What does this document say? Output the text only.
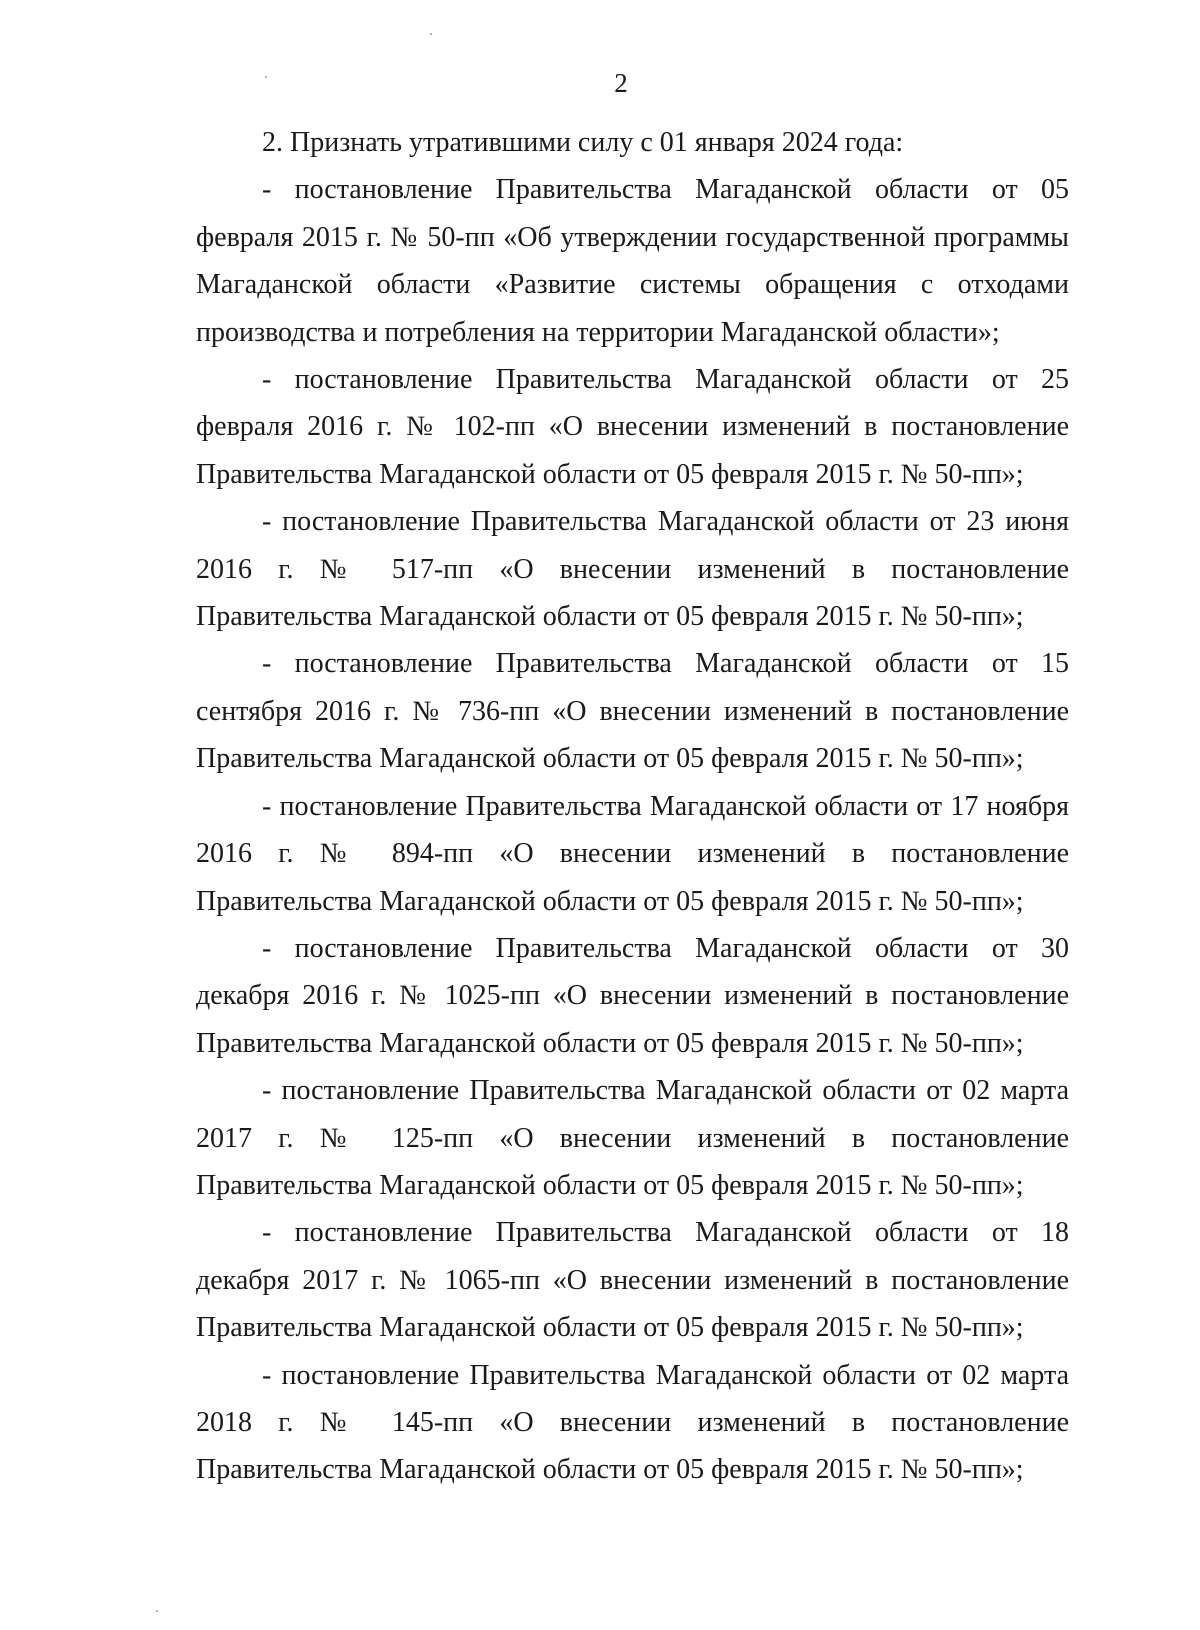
2

2. Признать утратившими силу с 01 января 2024 года:

- постановление Правительства Магаданской области от 05 февраля 2015 г. № 50-пп «Об утверждении государственной программы Магаданской области «Развитие системы обращения с отходами производства и потребления на территории Магаданской области»;

- постановление Правительства Магаданской области от 25 февраля 2016 г. № 102-пп «О внесении изменений в постановление Правительства Магаданской области от 05 февраля 2015 г. № 50-пп»;

- постановление Правительства Магаданской области от 23 июня 2016 г. № 517-пп «О внесении изменений в постановление Правительства Магаданской области от 05 февраля 2015 г. № 50-пп»;

- постановление Правительства Магаданской области от 15 сентября 2016 г. № 736-пп «О внесении изменений в постановление Правительства Магаданской области от 05 февраля 2015 г. № 50-пп»;

- постановление Правительства Магаданской области от 17 ноября 2016 г. № 894-пп «О внесении изменений в постановление Правительства Магаданской области от 05 февраля 2015 г. № 50-пп»;

- постановление Правительства Магаданской области от 30 декабря 2016 г. № 1025-пп «О внесении изменений в постановление Правительства Магаданской области от 05 февраля 2015 г. № 50-пп»;

- постановление Правительства Магаданской области от 02 марта 2017 г. № 125-пп «О внесении изменений в постановление Правительства Магаданской области от 05 февраля 2015 г. № 50-пп»;

- постановление Правительства Магаданской области от 18 декабря 2017 г. № 1065-пп «О внесении изменений в постановление Правительства Магаданской области от 05 февраля 2015 г. № 50-пп»;

- постановление Правительства Магаданской области от 02 марта 2018 г. № 145-пп «О внесении изменений в постановление Правительства Магаданской области от 05 февраля 2015 г. № 50-пп»;
